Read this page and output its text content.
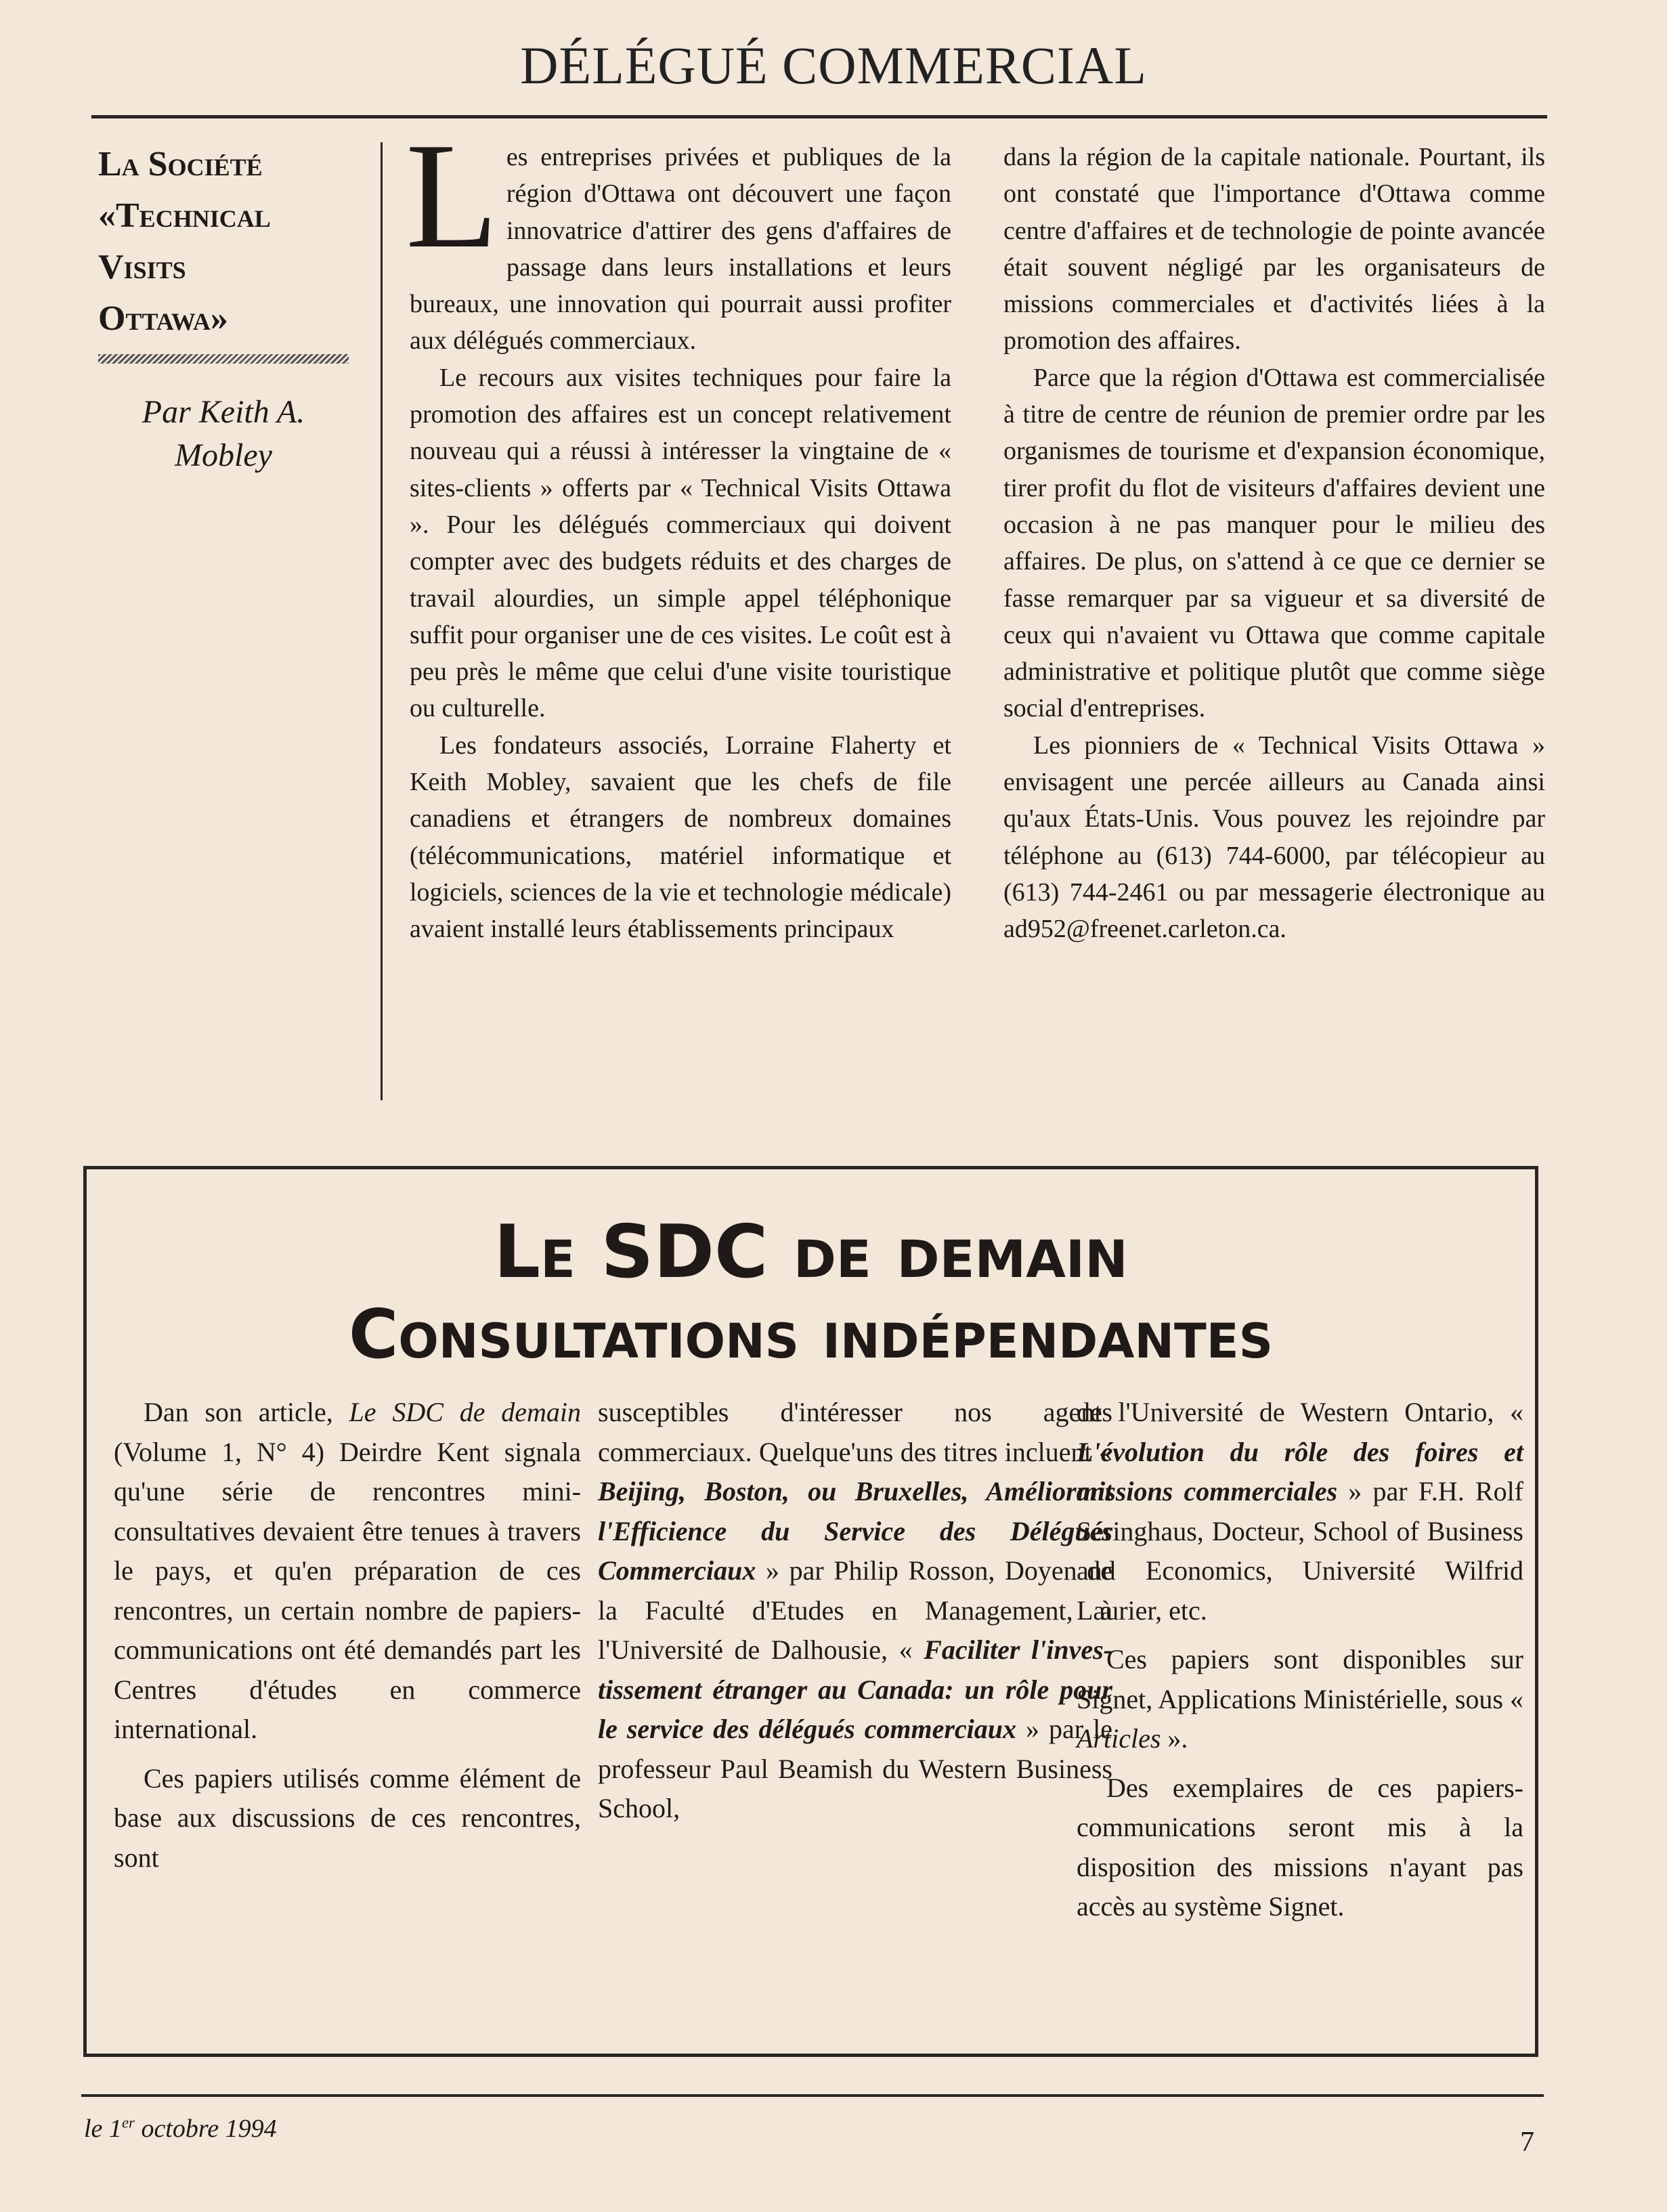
DÉLÉGUÉ COMMERCIAL
La Société
«Technical
Visits
Ottawa»
Par Keith A.
Mobley

Les entreprises privées et publiques de la région d'Ottawa ont découvert une façon innovatrice d'attirer des gens d'affaires de passage dans leurs installations et leurs bureaux, une innovation qui pourrait aussi profiter aux délégués commerciaux.

Le recours aux visites techniques pour faire la promotion des affaires est un concept relativement nouveau qui a réussi à intéresser la vingtaine de « sites-clients » offerts par « Technical Visits Ottawa ». Pour les délégués commerciaux qui doivent compter avec des budgets réduits et des charges de travail alourdies, un simple appel téléphonique suffit pour organiser une de ces visites. Le coût est à peu près le même que celui d'une visite touristique ou culturelle.

Les fondateurs associés, Lorraine Flaherty et Keith Mobley, savaient que les chefs de file canadiens et étrangers de nombreux domaines (télécommunications, matériel informatique et logiciels, sciences de la vie et technologie médicale) avaient installé leurs établissements principaux

dans la région de la capitale nationale. Pourtant, ils ont constaté que l'importance d'Ottawa comme centre d'affaires et de technologie de pointe avancée était souvent négligé par les organisateurs de missions commerciales et d'activités liées à la promotion des affaires.

Parce que la région d'Ottawa est commercialisée à titre de centre de réunion de premier ordre par les organismes de tourisme et d'expansion économique, tirer profit du flot de visiteurs d'affaires devient une occasion à ne pas manquer pour le milieu des affaires. De plus, on s'attend à ce que ce dernier se fasse remarquer par sa vigueur et sa diversité de ceux qui n'avaient vu Ottawa que comme capitale administrative et politique plutôt que comme siège social d'entreprises.

Les pionniers de « Technical Visits Ottawa » envisagent une percée ailleurs au Canada ainsi qu'aux États-Unis. Vous pouvez les rejoindre par téléphone au (613) 744-6000, par télécopieur au (613) 744-2461 ou par messagerie électronique au ad952@freenet.carleton.ca.

Le SDC de demain
Consultations indépendantes

Dan son article, Le SDC de demain (Volume 1, N° 4) Deirdre Kent signala qu'une série de rencontres mini-consultatives devaient être tenues à travers le pays, et qu'en préparation de ces rencontres, un certain nombre de papiers-communications ont été demandés part les Centres d'études en commerce international.

Ces papiers utilisés comme élément de base aux discussions de ces rencontres, sont

susceptibles d'intéresser nos agents commerciaux. Quelque'uns des titres incluent « Beijing, Boston, ou Bruxelles, Améliorant l'Efficience du Service des Délégués Commerciaux » par Philip Rosson, Doyen de la Faculté d'Etudes en Management, à l'Université de Dalhousie, « Faciliter l'inves-tissement étranger au Canada: un rôle pour le service des délégués commerciaux » par le professeur Paul Beamish du Western Business School,

de l'Université de Western Ontario, « L'évolution du rôle des foires et missions commerciales » par F.H. Rolf Seringhaus, Docteur, School of Business and Economics, Université Wilfrid Laurier, etc.

Ces papiers sont disponibles sur Signet, Applications Ministérielle, sous « Articles ».

Des exemplaires de ces papiers-communications seront mis à la disposition des missions n'ayant pas accès au système Signet.

le 1er octobre 1994	7
